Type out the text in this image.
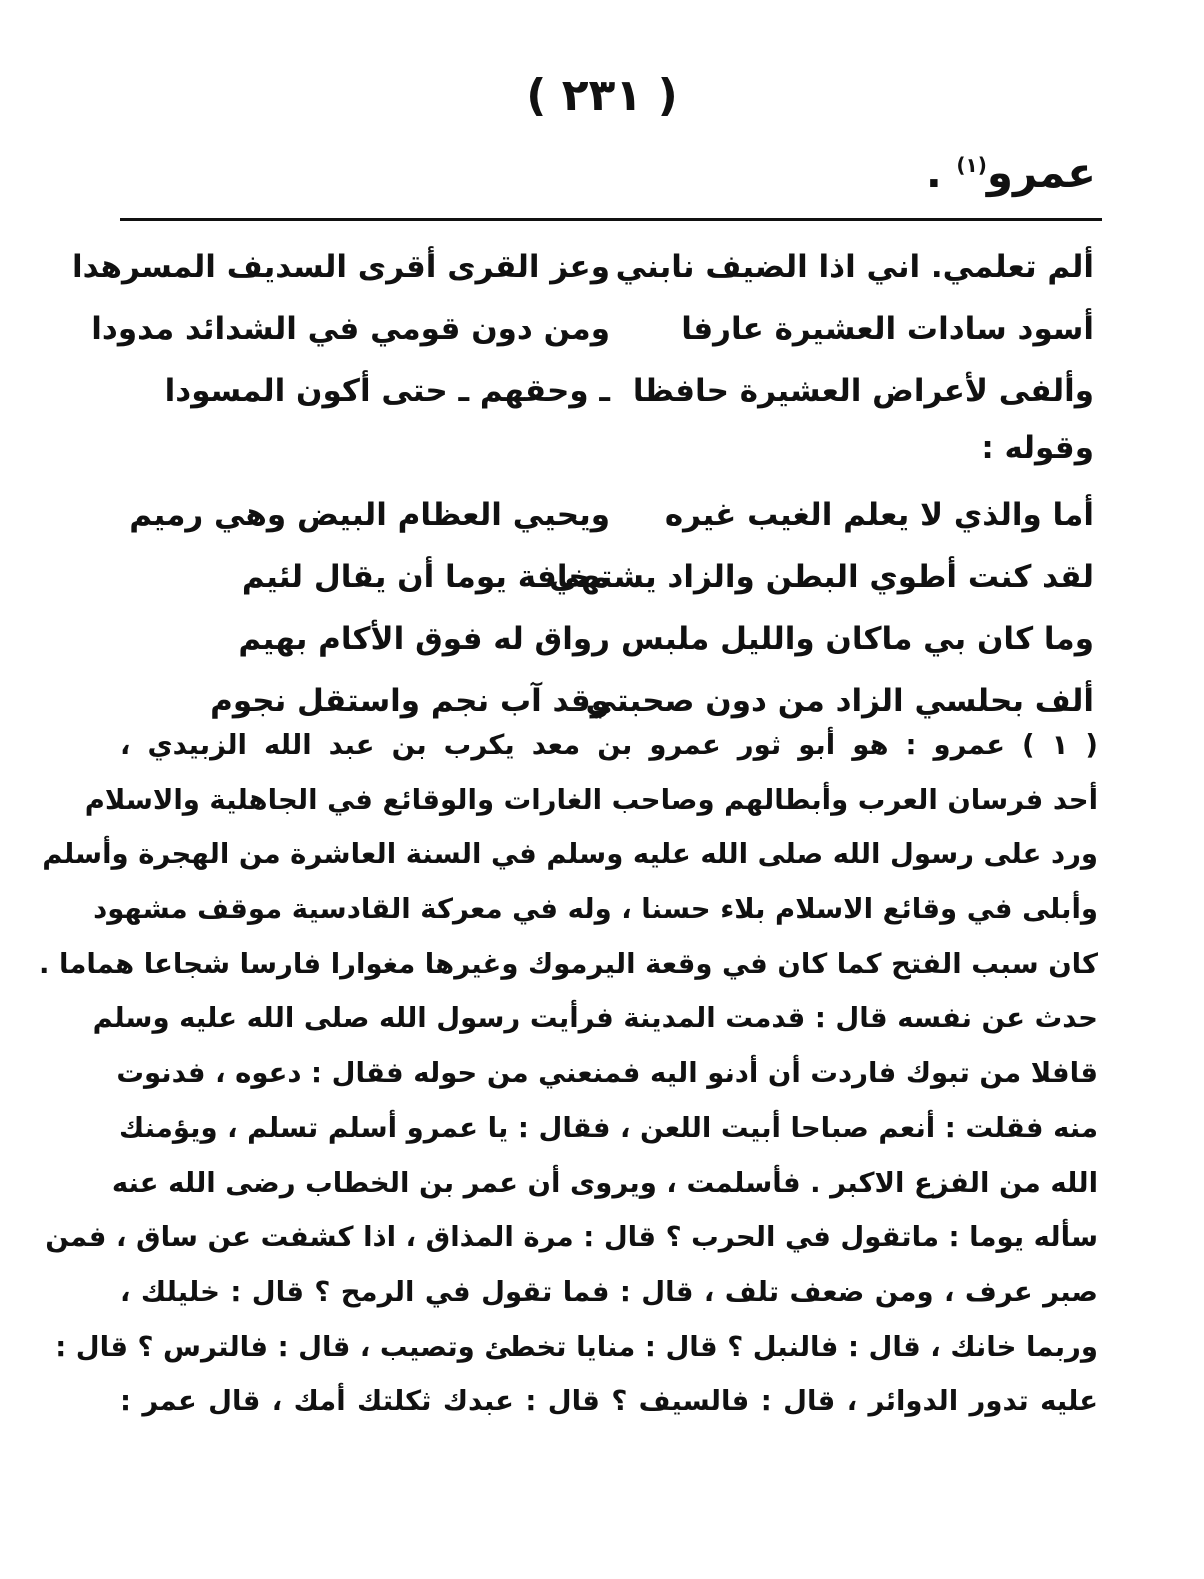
( ٢٣١ )
عمرو$^{(١)}$ .
ألم تعلمي. اني اذا الضيف نابني
وعز القرى أقرى السديف المسرهدا
أسود سادات العشيرة عارفا
ومن دون قومي في الشدائد مدودا
وألفى لأعراض العشيرة حافظا
ـ وحقهم ـ حتى أكون المسودا
وقوله :
أما والذي لا يعلم الغيب غيره
ويحيي العظام البيض وهي رميم
لقد كنت أطوي البطن والزاد يشتهي
مخافة يوما أن يقال لئيم
وما كان بي ماكان والليل ملبس
رواق له فوق الأكام بهيم
ألف بحلسي الزاد من دون صحبتي
وقد آب نجم واستقل نجوم
( ١ ) عمرو : هو أبو ثور عمرو بن معد يكرب بن عبد الله الزبيدي ،
أحد فرسان العرب وأبطالهم وصاحب الغارات والوقائع في الجاهلية والاسلام
ورد على رسول الله صلى الله عليه وسلم في السنة العاشرة من الهجرة وأسلم
وأبلى في وقائع الاسلام بلاء حسنا ، وله في معركة القادسية موقف مشهود
كان سبب الفتح كما كان في وقعة اليرموك وغيرها مغوارا فارسا شجاعا هماما .
حدث عن نفسه قال : قدمت المدينة فرأيت رسول الله صلى الله عليه وسلم
قافلا من تبوك فاردت أن أدنو اليه فمنعني من حوله فقال : دعوه ، فدنوت
منه فقلت : أنعم صباحا أبيت اللعن ، فقال : يا عمرو أسلم تسلم ، ويؤمنك
الله من الفزع الاكبر . فأسلمت ، ويروى أن عمر بن الخطاب رضى الله عنه
سأله يوما : ماتقول في الحرب ؟ قال : مرة المذاق ، اذا كشفت عن ساق ، فمن
صبر عرف ، ومن ضعف تلف ، قال : فما تقول في الرمح ؟ قال : خليلك ،
وربما خانك ، قال : فالنبل ؟ قال : منايا تخطئ وتصيب ، قال : فالترس ؟ قال :
عليه تدور الدوائر ، قال : فالسيف ؟ قال : عبدك ثكلتك أمك ، قال عمر :
